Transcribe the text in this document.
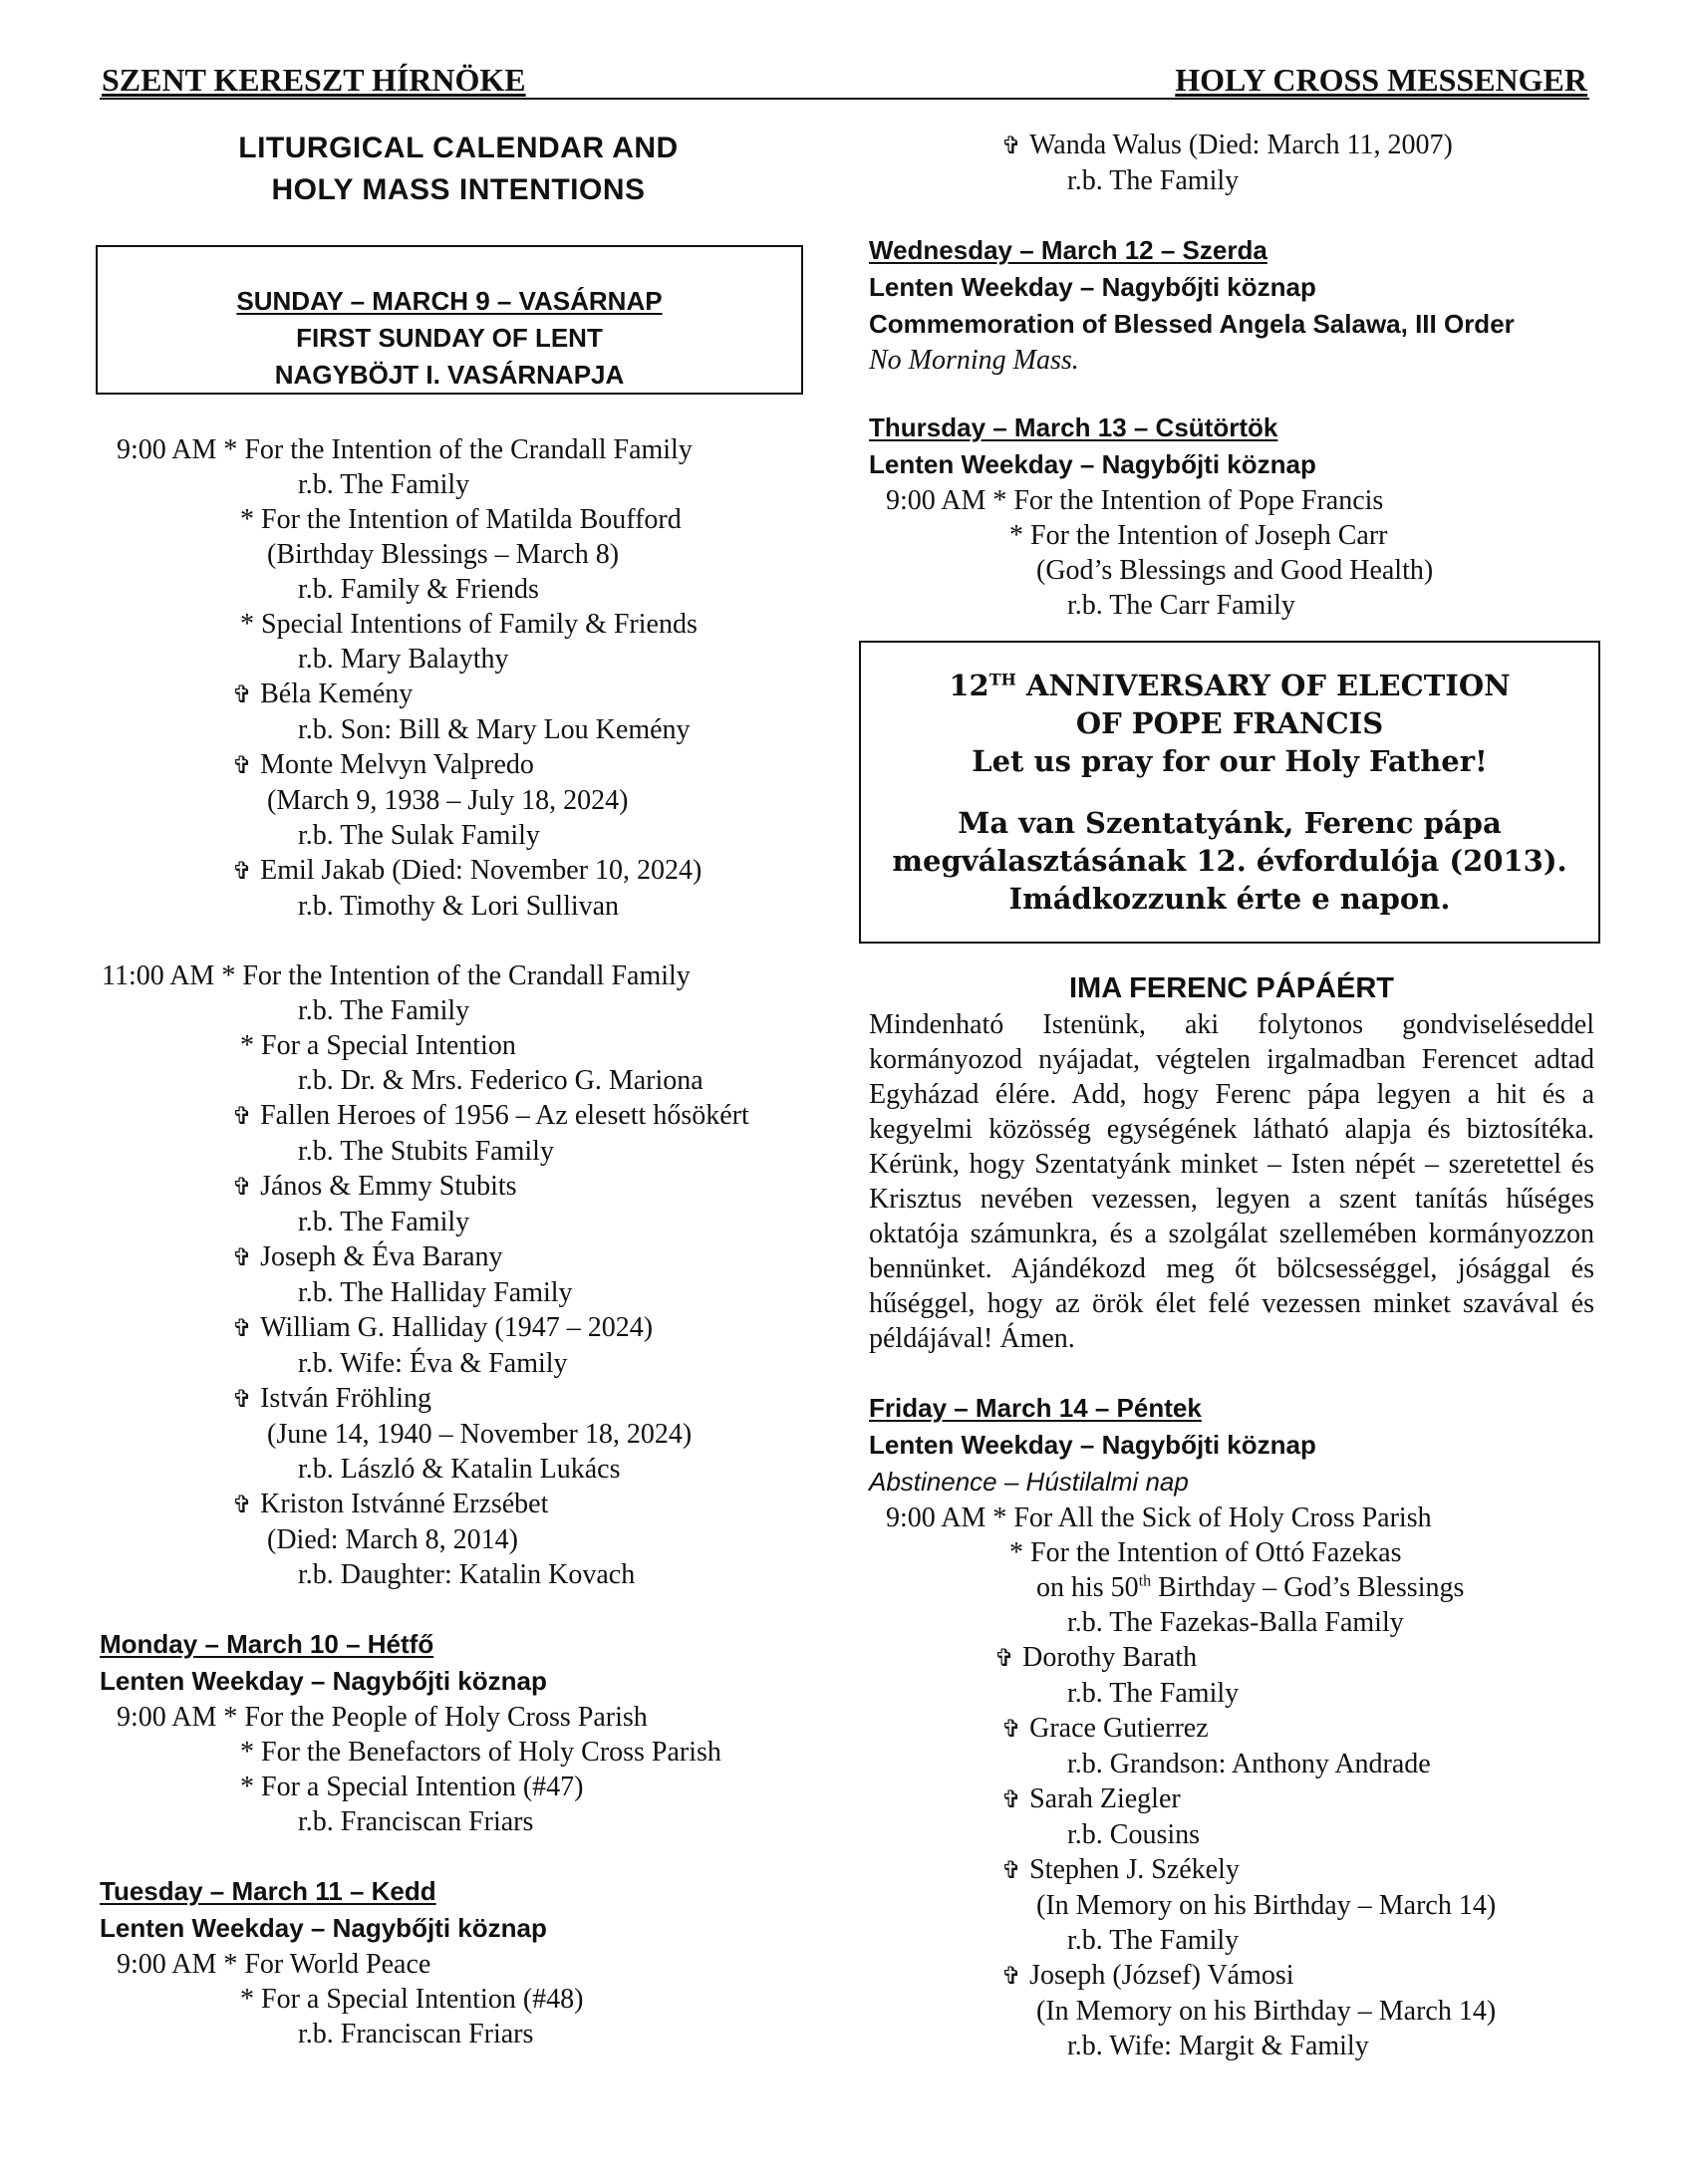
SZENT KERESZT HÍRNÖKE	HOLY CROSS MESSENGER
LITURGICAL CALENDAR AND
HOLY MASS INTENTIONS
SUNDAY – MARCH 9 – VASÁRNAP
FIRST SUNDAY OF LENT
NAGYBÖJT I. VASÁRNAPJA
9:00 AM * For the Intention of the Crandall Family
r.b. The Family
* For the Intention of Matilda Boufford
(Birthday Blessings – March 8)
r.b. Family & Friends
* Special Intentions of Family & Friends
r.b. Mary Balaythy
✞ Béla Kemény
r.b. Son: Bill & Mary Lou Kemény
✞ Monte Melvyn Valpredo
(March 9, 1938 – July 18, 2024)
r.b. The Sulak Family
✞ Emil Jakab (Died: November 10, 2024)
r.b. Timothy & Lori Sullivan
11:00 AM * For the Intention of the Crandall Family
r.b. The Family
* For a Special Intention
r.b. Dr. & Mrs. Federico G. Mariona
✞ Fallen Heroes of 1956 – Az elesett hősökért
r.b. The Stubits Family
✞ János & Emmy Stubits
r.b. The Family
✞ Joseph & Éva Barany
r.b. The Halliday Family
✞ William G. Halliday (1947 – 2024)
r.b. Wife: Éva & Family
✞ István Fröhling
(June 14, 1940 – November 18, 2024)
r.b. László & Katalin Lukács
✞ Kriston Istvánné Erzsébet
(Died: March 8, 2014)
r.b. Daughter: Katalin Kovach
Monday – March 10 – Hétfő
Lenten Weekday – Nagybőjti köznap
9:00 AM * For the People of Holy Cross Parish
* For the Benefactors of Holy Cross Parish
* For a Special Intention (#47)
r.b. Franciscan Friars
Tuesday – March 11 – Kedd
Lenten Weekday – Nagybőjti köznap
9:00 AM * For World Peace
* For a Special Intention (#48)
r.b. Franciscan Friars
✞ Wanda Walus (Died: March 11, 2007)
r.b. The Family
Wednesday – March 12 – Szerda
Lenten Weekday – Nagybőjti köznap
Commemoration of Blessed Angela Salawa, III Order
No Morning Mass.
Thursday – March 13 – Csütörtök
Lenten Weekday – Nagybőjti köznap
9:00 AM * For the Intention of Pope Francis
* For the Intention of Joseph Carr
(God’s Blessings and Good Health)
r.b. The Carr Family
12TH ANNIVERSARY OF ELECTION
OF POPE FRANCIS
Let us pray for our Holy Father!
Ma van Szentatyánk, Ferenc pápa
megválasztásának 12. évfordulója (2013).
Imádkozzunk érte e napon.
IMA FERENC PÁPÁÉRT
Mindenható Istenünk, aki folytonos gondviseléseddel kormányozod nyájadat, végtelen irgalmadban Ferencet adtad Egyházad élére. Add, hogy Ferenc pápa legyen a hit és a kegyelmi közösség egységének látható alapja és biztosítéka. Kérünk, hogy Szentatyánk minket – Isten népét – szeretettel és Krisztus nevében vezessen, legyen a szent tanítás hűséges oktatója számunkra, és a szolgálat szellemében kormányozzon bennünket. Ajándékozd meg őt bölcsességgel, jósággal és hűséggel, hogy az örök élet felé vezessen minket szavával és példájával! Ámen.
Friday – March 14 – Péntek
Lenten Weekday – Nagybőjti köznap
Abstinence – Hústilalmi nap
9:00 AM * For All the Sick of Holy Cross Parish
* For the Intention of Ottó Fazekas
on his 50th Birthday – God’s Blessings
r.b. The Fazekas-Balla Family
✞ Dorothy Barath
r.b. The Family
✞ Grace Gutierrez
r.b. Grandson: Anthony Andrade
✞ Sarah Ziegler
r.b. Cousins
✞ Stephen J. Székely
(In Memory on his Birthday – March 14)
r.b. The Family
✞ Joseph (József) Vámosi
(In Memory on his Birthday – March 14)
r.b. Wife: Margit & Family
